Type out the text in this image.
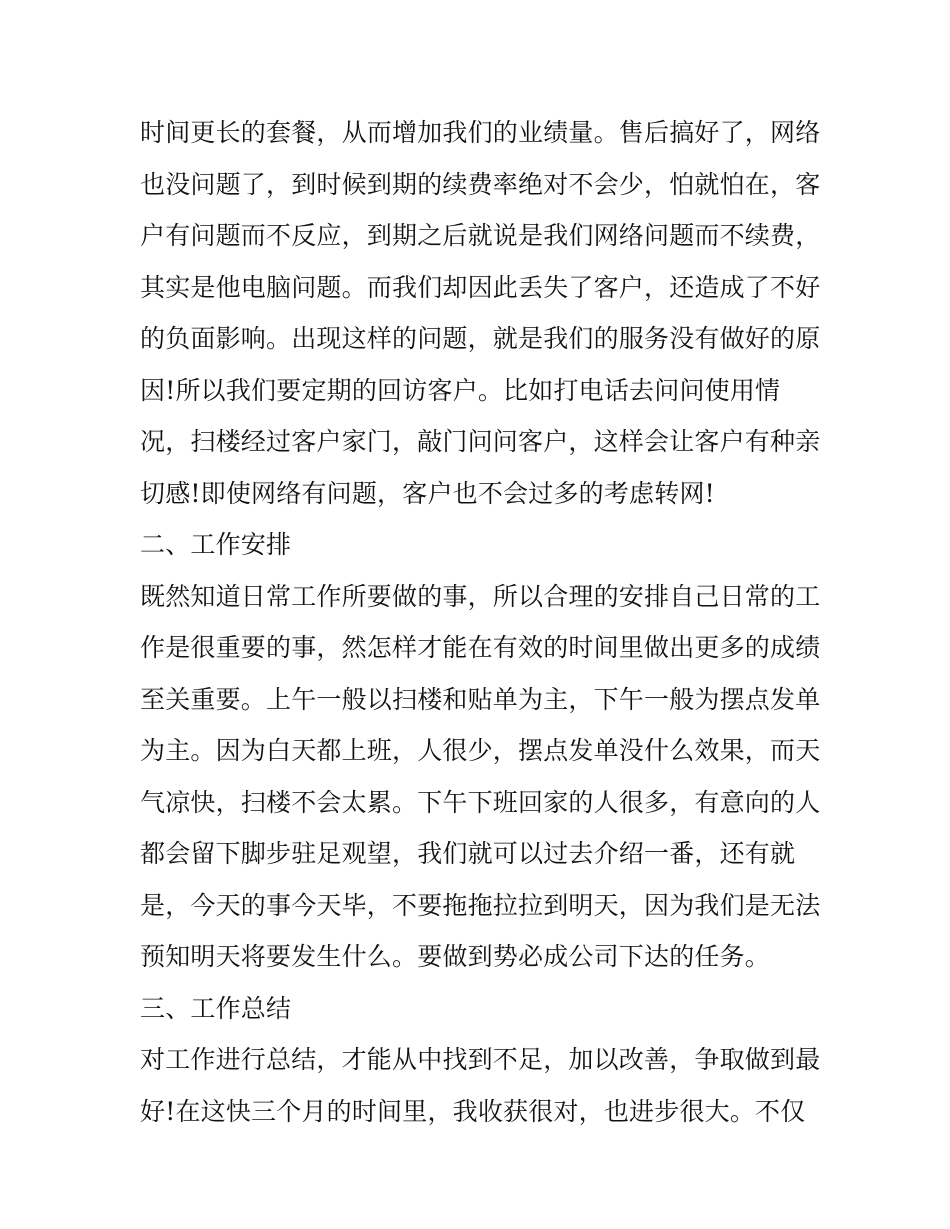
时间更长的套餐，从而增加我们的业绩量。售后搞好了，网络
也没问题了，到时候到期的续费率绝对不会少，怕就怕在，客
户有问题而不反应，到期之后就说是我们网络问题而不续费，
其实是他电脑问题。而我们却因此丢失了客户，还造成了不好
的负面影响。出现这样的问题，就是我们的服务没有做好的原
因!所以我们要定期的回访客户。比如打电话去问问使用情
况，扫楼经过客户家门，敲门问问客户，这样会让客户有种亲
切感!即使网络有问题，客户也不会过多的考虑转网!
二、工作安排
既然知道日常工作所要做的事，所以合理的安排自己日常的工
作是很重要的事，然怎样才能在有效的时间里做出更多的成绩
至关重要。上午一般以扫楼和贴单为主，下午一般为摆点发单
为主。因为白天都上班，人很少，摆点发单没什么效果，而天
气凉快，扫楼不会太累。下午下班回家的人很多，有意向的人
都会留下脚步驻足观望，我们就可以过去介绍一番，还有就
是，今天的事今天毕，不要拖拖拉拉到明天，因为我们是无法
预知明天将要发生什么。要做到势必成公司下达的任务。
三、工作总结
对工作进行总结，才能从中找到不足，加以改善，争取做到最
好!在这快三个月的时间里，我收获很对，也进步很大。不仅
